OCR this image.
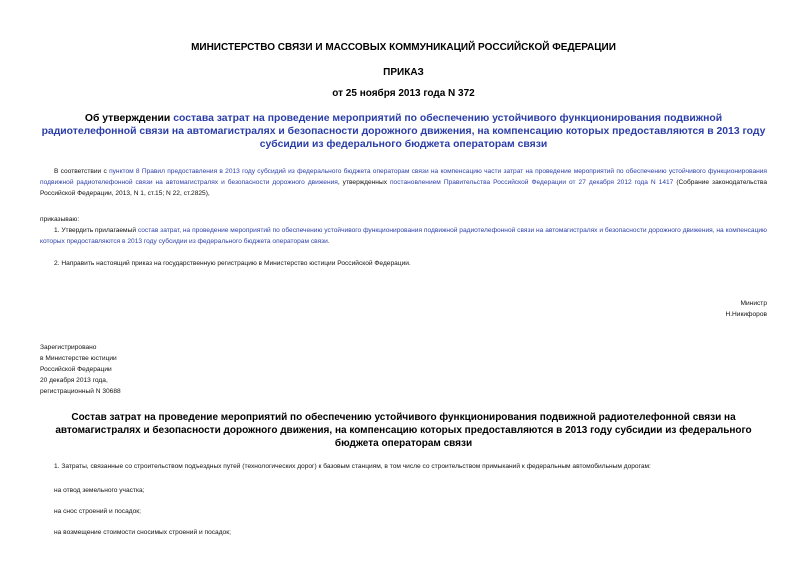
МИНИСТЕРСТВО СВЯЗИ И МАССОВЫХ КОММУНИКАЦИЙ РОССИЙСКОЙ ФЕДЕРАЦИИ
ПРИКАЗ
от 25 ноября 2013 года N 372
Об утверждении состава затрат на проведение мероприятий по обеспечению устойчивого функционирования подвижной радиотелефонной связи на автомагистралях и безопасности дорожного движения, на компенсацию которых предоставляются в 2013 году субсидии из федерального бюджета операторам связи
В соответствии с пунктом 8 Правил предоставления в 2013 году субсидий из федерального бюджета операторам связи на компенсацию части затрат на проведение мероприятий по обеспечению устойчивого функционирования подвижной радиотелефонной связи на автомагистралях и безопасности дорожного движения, утвержденных постановлением Правительства Российской Федерации от 27 декабря 2012 года N 1417 (Собрание законодательства Российской Федерации, 2013, N 1, ст.15; N 22, ст.2825),
приказываю:
1. Утвердить прилагаемый состав затрат, на проведение мероприятий по обеспечению устойчивого функционирования подвижной радиотелефонной связи на автомагистралях и безопасности дорожного движения, на компенсацию которых предоставляются в 2013 году субсидии из федерального бюджета операторам связи.
2. Направить настоящий приказ на государственную регистрацию в Министерство юстиции Российской Федерации.
Министр
Н.Никифоров
Зарегистрировано
в Министерстве юстиции
Российской Федерации
20 декабря 2013 года,
регистрационный N 30688
Состав затрат на проведение мероприятий по обеспечению устойчивого функционирования подвижной радиотелефонной связи на автомагистралях и безопасности дорожного движения, на компенсацию которых предоставляются в 2013 году субсидии из федерального бюджета операторам связи
1. Затраты, связанные со строительством подъездных путей (технологических дорог) к базовым станциям, в том числе со строительством примыканий к федеральным автомобильным дорогам:
на отвод земельного участка;
на снос строений и посадок;
на возмещение стоимости сносимых строений и посадок;
